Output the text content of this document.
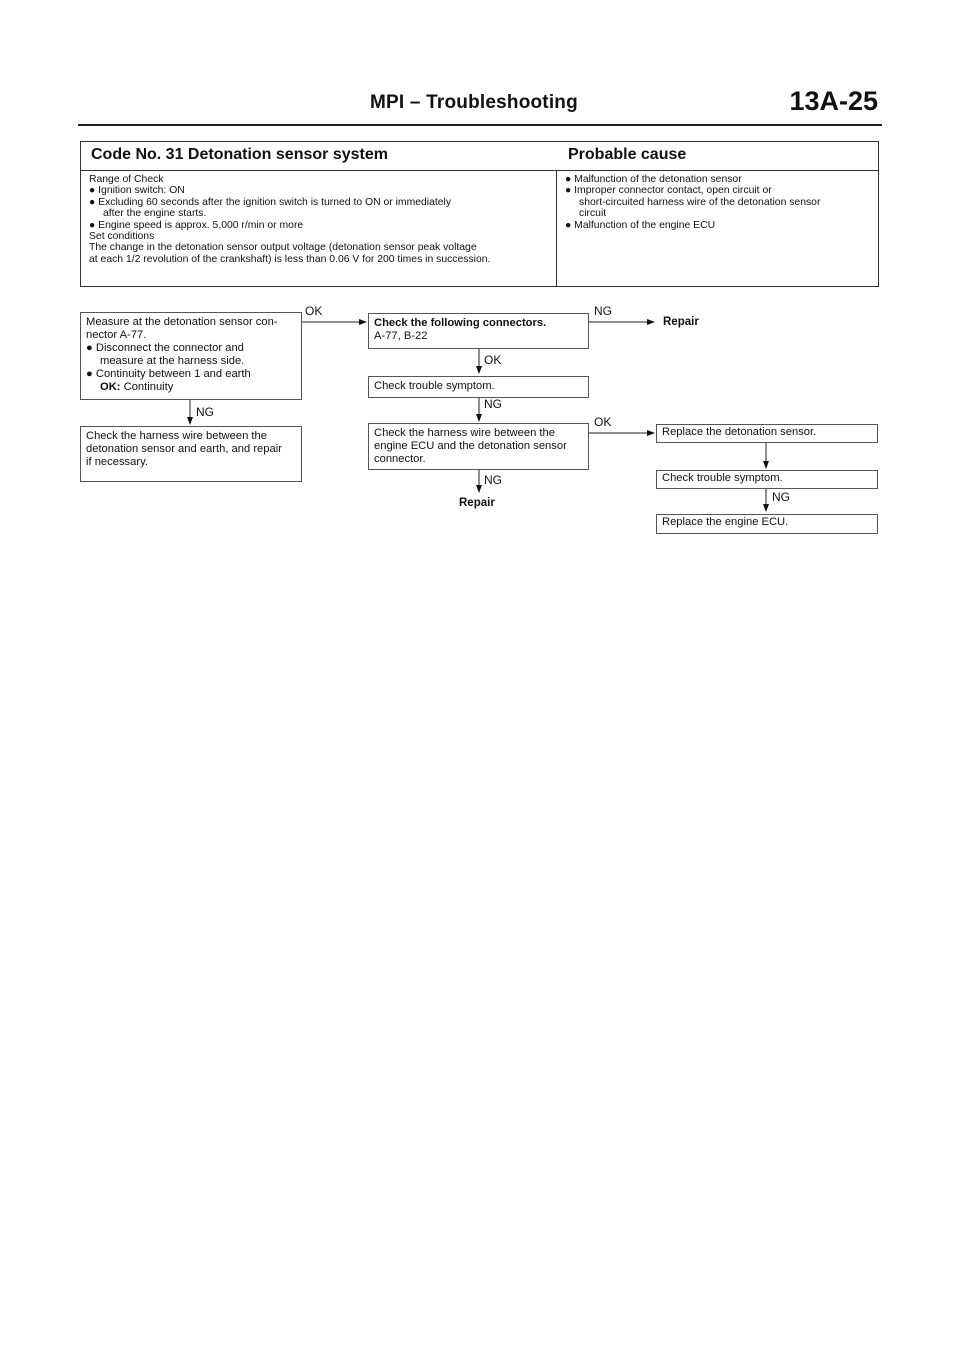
MPI – Troubleshooting	13A-25
Code No. 31 Detonation sensor system	Probable cause
Range of Check
● Ignition switch: ON
● Excluding 60 seconds after the ignition switch is turned to ON or immediately
after the engine starts.
● Engine speed is approx. 5,000 r/min or more
Set conditions
The change in the detonation sensor output voltage (detonation sensor peak voltage
at each 1/2 revolution of the crankshaft) is less than 0.06 V for 200 times in succession.
● Malfunction of the detonation sensor
● Improper connector contact, open circuit or
short-circuited harness wire of the detonation sensor
circuit
● Malfunction of the engine ECU
Measure at the detonation sensor con-
nector A-77.
● Disconnect the connector and
measure at the harness side.
● Continuity between 1 and earth
OK: Continuity
Check the harness wire between the
detonation sensor and earth, and repair
if necessary.
Check the following connectors.
A-77, B-22
Check trouble symptom.
Check the harness wire between the
engine ECU and the detonation sensor
connector.
Replace the detonation sensor.
Check trouble symptom.
Replace the engine ECU.
Repair
Repair
OK	NG
NG
OK
NG
OK
NG
NG
